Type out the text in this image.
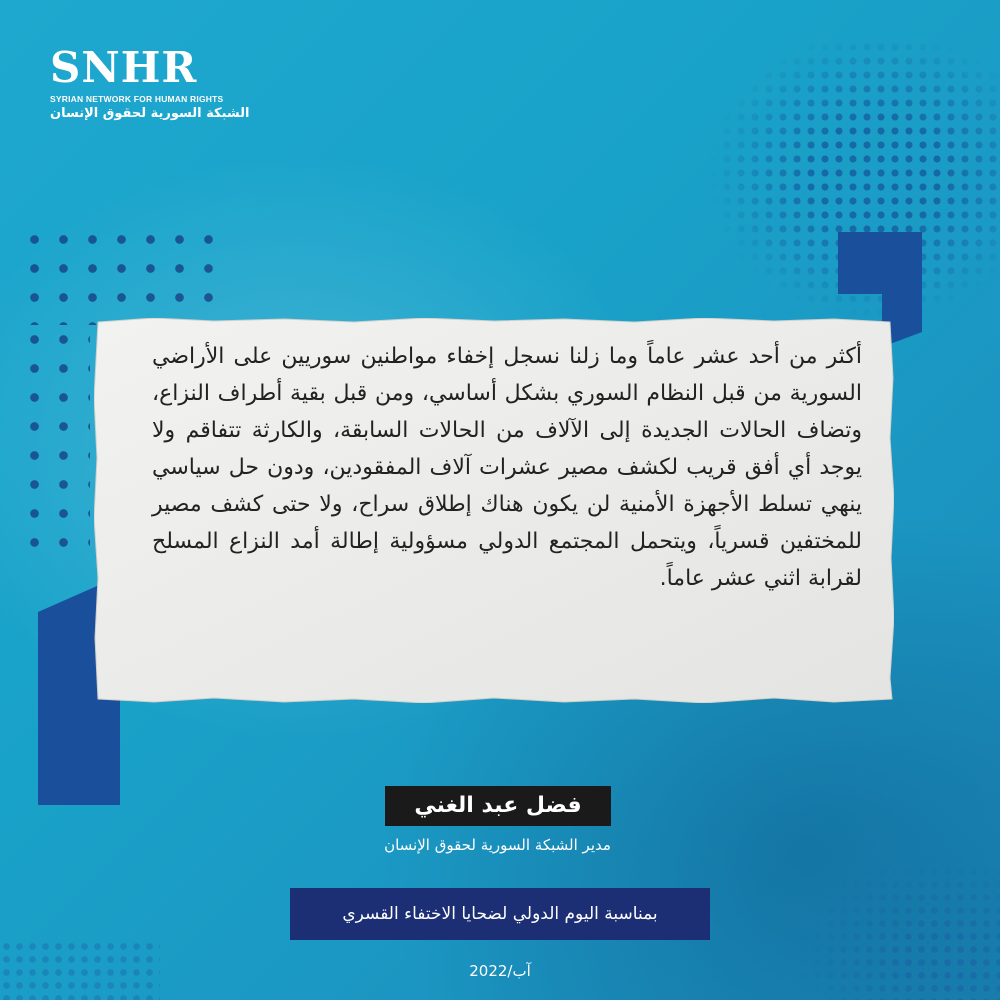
SNHR
SYRIAN NETWORK FOR HUMAN RIGHTS
الشبكة السورية لحقوق الإنسان
أكثر من أحد عشر عاماً وما زلنا نسجل إخفاء مواطنين سوريين على الأراضي السورية من قبل النظام السوري بشكل أساسي، ومن قبل بقية أطراف النزاع، وتضاف الحالات الجديدة إلى الآلاف من الحالات السابقة، والكارثة تتفاقم ولا يوجد أي أفق قريب لكشف مصير عشرات آلاف المفقودين، ودون حل سياسي ينهي تسلط الأجهزة الأمنية لن يكون هناك إطلاق سراح، ولا حتى كشف مصير للمختفين قسرياً، ويتحمل المجتمع الدولي مسؤولية إطالة أمد النزاع المسلح لقرابة اثني عشر عاماً.
فضل عبد الغني
مدير الشبكة السورية لحقوق الإنسان
بمناسبة اليوم الدولي لضحايا الاختفاء القسري
آب/2022
